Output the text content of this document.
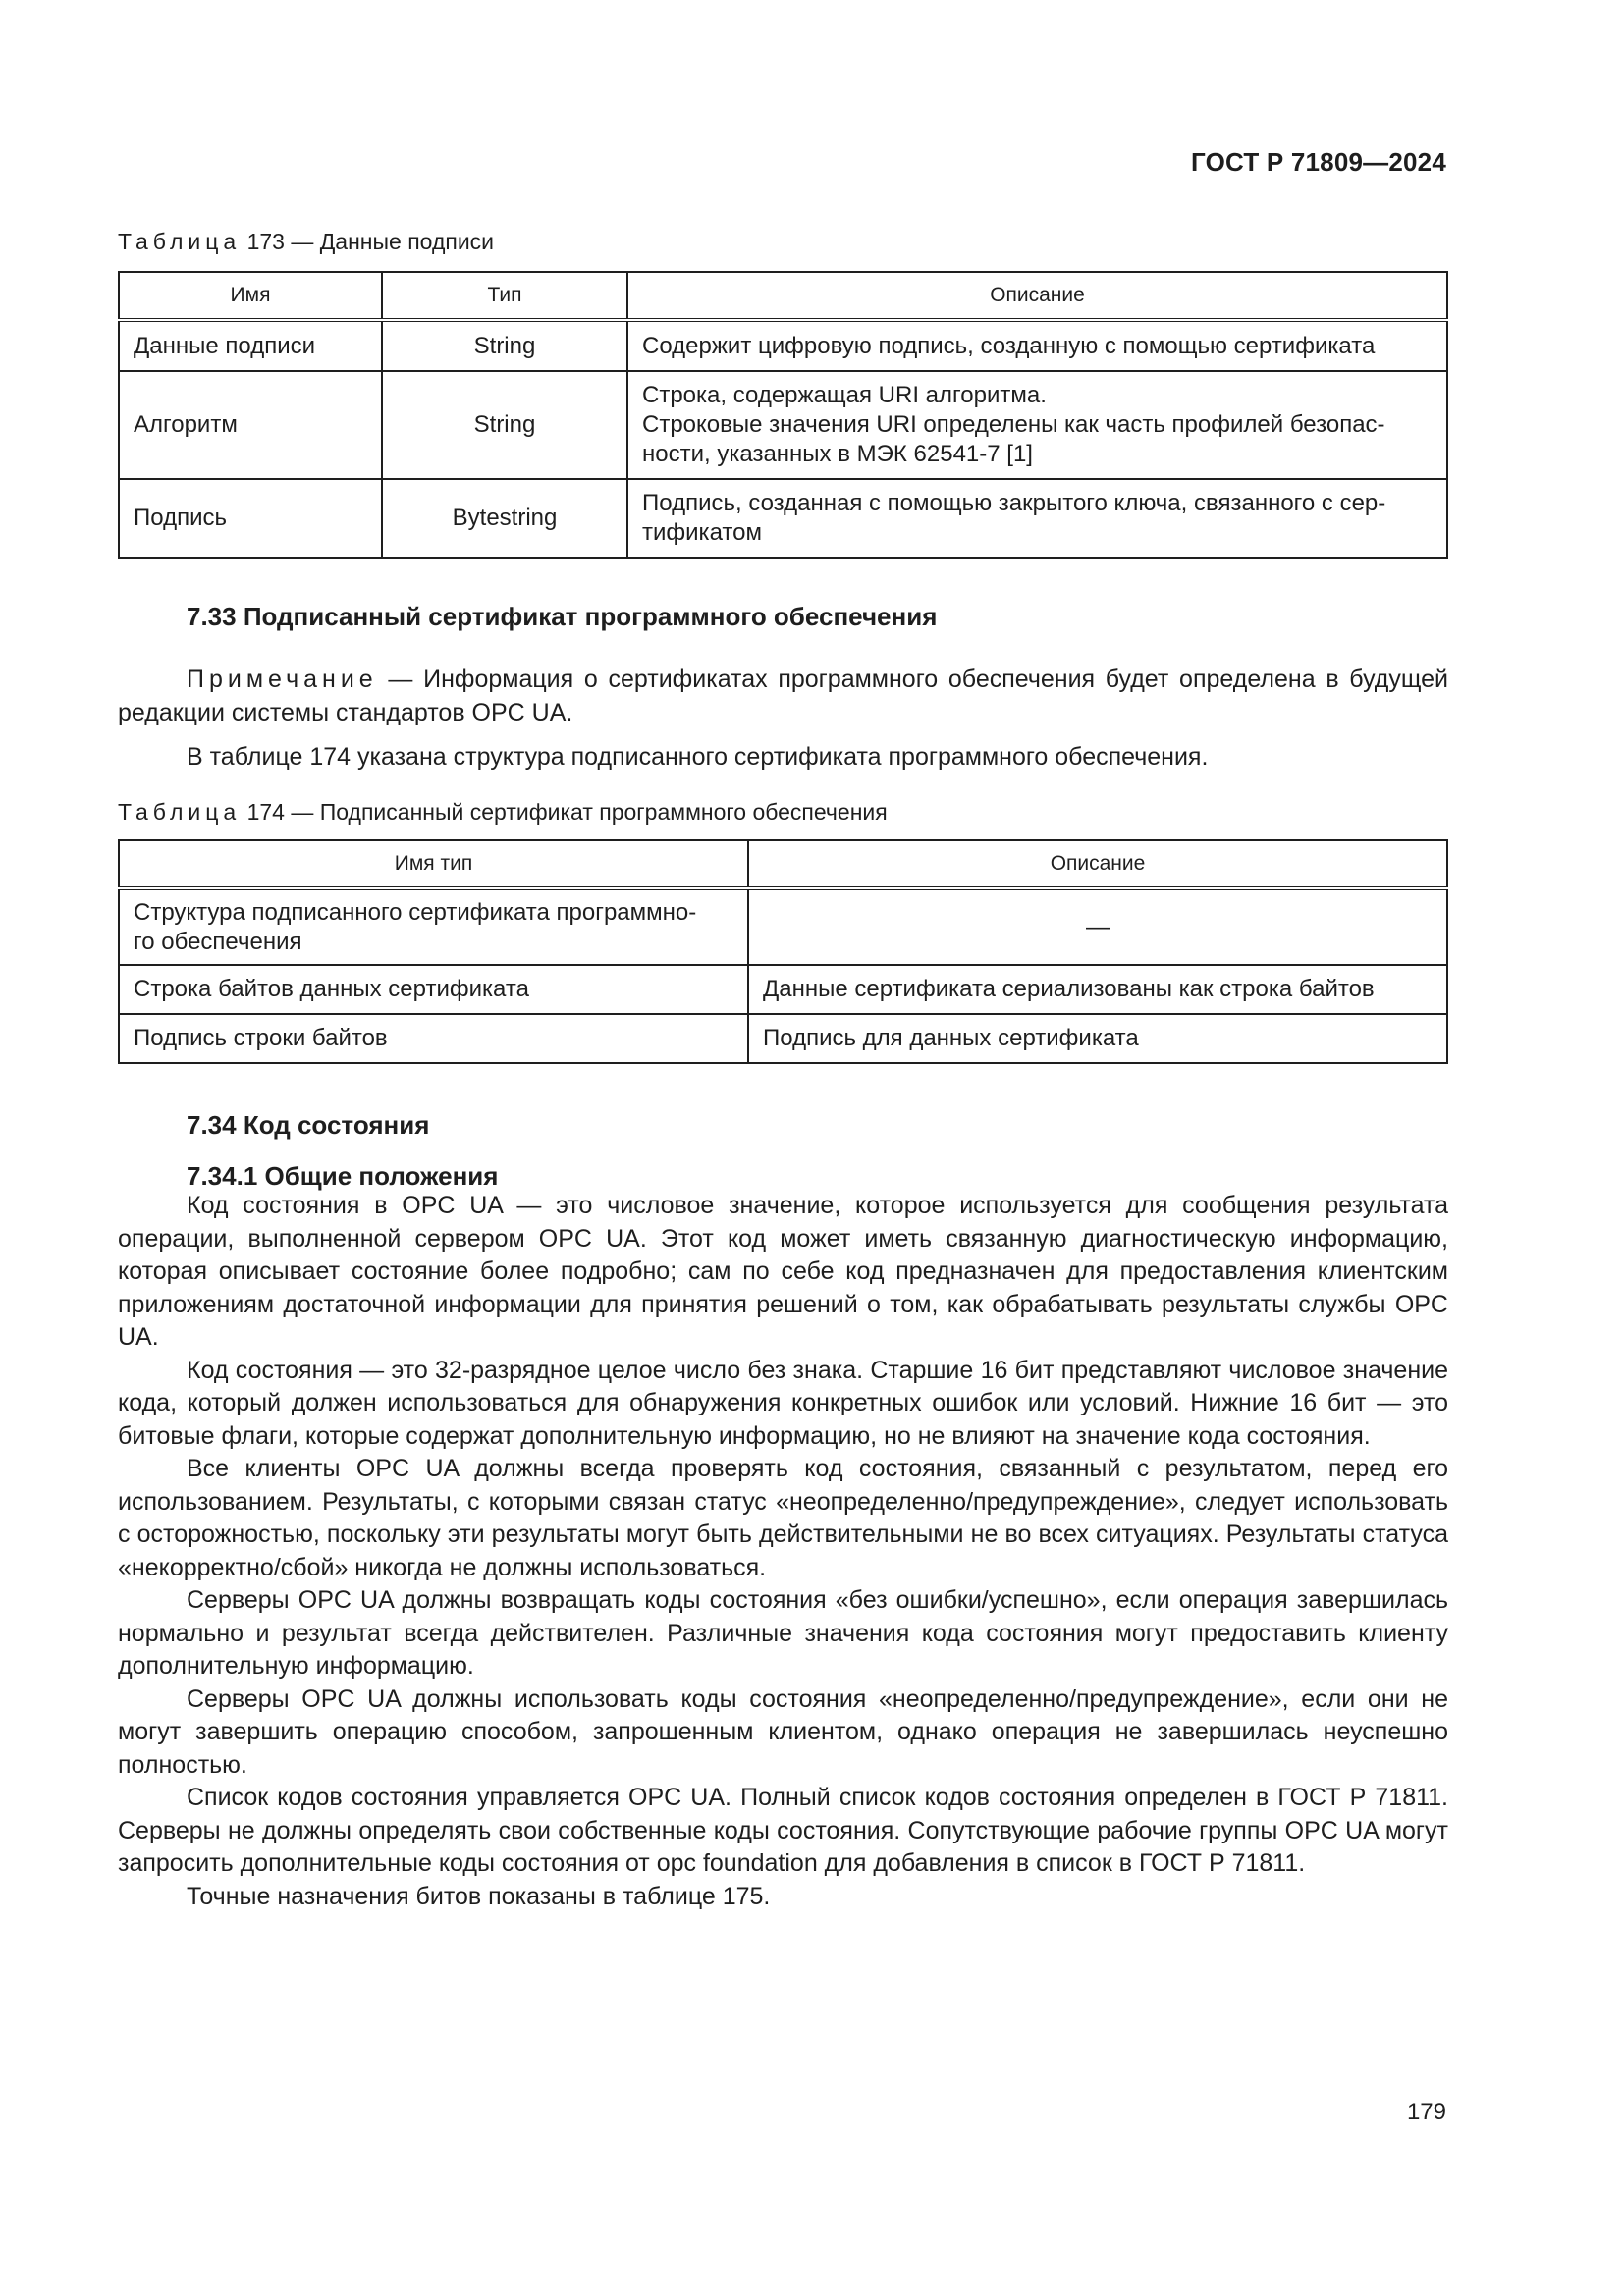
ГОСТ Р 71809—2024
Таблица 173 — Данные подписи
Имя	Тип	Описание
Данные подписи	String	Содержит цифровую подпись, созданную с помощью сертификата

Алгоритм	String	Строка, содержащая URI алгоритма.
Строковые значения URI определены как часть профилей безопас-
ности, указанных в МЭК 62541-7 [1]

Подпись	Bytestring	Подпись, созданная с помощью закрытого ключа, связанного с сер-
тификатом
7.33 Подписанный сертификат программного обеспечения

Примечание — Информация о сертификатах программного обеспечения будет определена в будущей редакции системы стандартов OPC UA.

В таблице 174 указана структура подписанного сертификата программного обеспечения.

Таблица 174 — Подписанный сертификат программного обеспечения
Имя тип	Описание

Структура подписанного сертификата программно-
го обеспечения	—
Строка байтов данных сертификата	Данные сертификата сериализованы как строка байтов
Подпись строки байтов	Подпись для данных сертификата
7.34 Код состояния
7.34.1 Общие положения

Код состояния в OPC UA — это числовое значение, которое используется для сообщения результата операции, выполненной сервером OPC UA. Этот код может иметь связанную диагностическую информацию, которая описывает состояние более подробно; сам по себе код предназначен для предоставления клиентским приложениям достаточной информации для принятия решений о том, как обрабатывать результаты службы OPC UA.

Код состояния — это 32-разрядное целое число без знака. Старшие 16 бит представляют числовое значение кода, который должен использоваться для обнаружения конкретных ошибок или условий. Нижние 16 бит — это битовые флаги, которые содержат дополнительную информацию, но не влияют на значение кода состояния.

Все клиенты OPC UA должны всегда проверять код состояния, связанный с результатом, перед его использованием. Результаты, с которыми связан статус «неопределенно/предупреждение», следует использовать с осторожностью, поскольку эти результаты могут быть действительными не во всех ситуациях. Результаты статуса «некорректно/сбой» никогда не должны использоваться.

Серверы OPC UA должны возвращать коды состояния «без ошибки/успешно», если операция завершилась нормально и результат всегда действителен. Различные значения кода состояния могут предоставить клиенту дополнительную информацию.

Серверы OPC UA должны использовать коды состояния «неопределенно/предупреждение», если они не могут завершить операцию способом, запрошенным клиентом, однако операция не завершилась неуспешно полностью.

Список кодов состояния управляется OPC UA. Полный список кодов состояния определен в ГОСТ Р 71811. Серверы не должны определять свои собственные коды состояния. Сопутствующие рабочие группы OPC UA могут запросить дополнительные коды состояния от opc foundation для добавления в список в ГОСТ Р 71811.

Точные назначения битов показаны в таблице 175.

179
